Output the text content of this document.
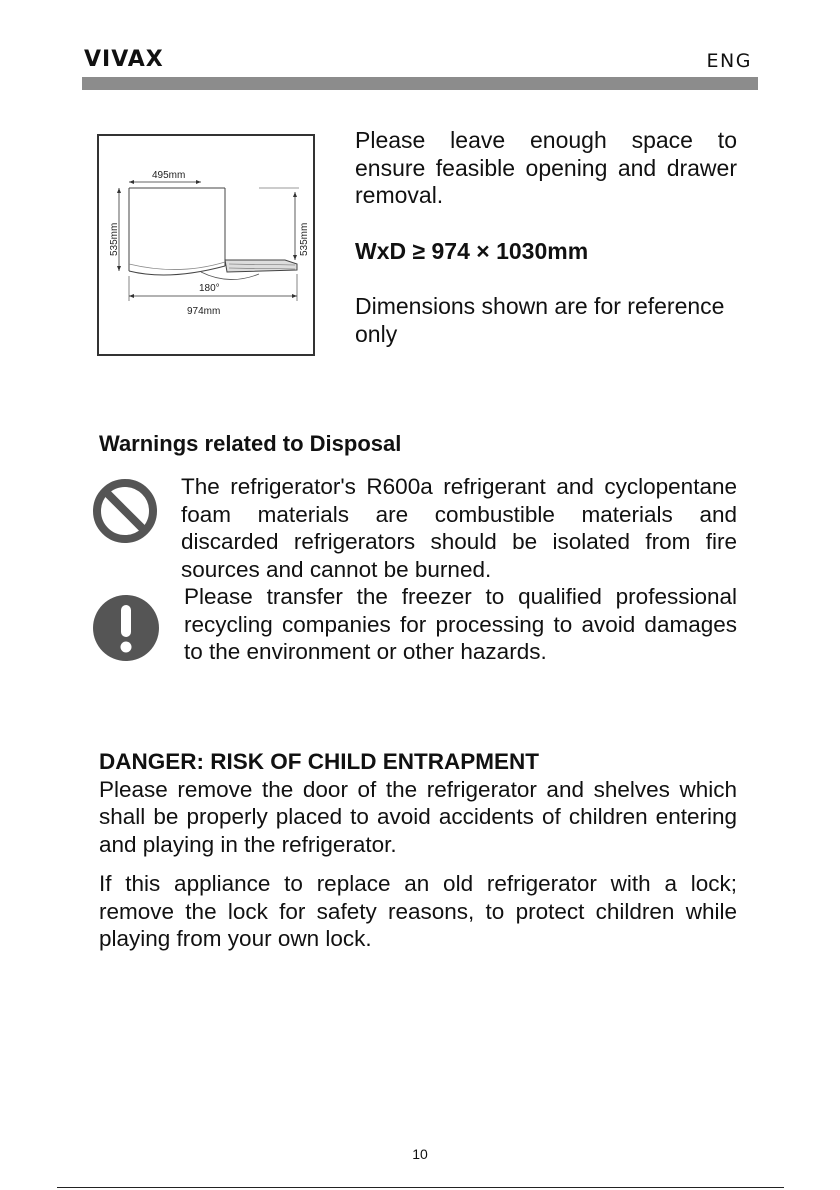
VIVAX	ENG
495mm
535mm	535mm
180°
974mm

Please leave enough space to ensure feasible opening and drawer removal.

WxD ≥ 974 × 1030mm

Dimensions shown are for reference only

Warnings related to Disposal
The refrigerator's R600a refrigerant and cyclopentane foam materials are combustible materials and discarded refrigerators should be isolated from fire sources and cannot be burned.
Please transfer the freezer to qualified professional recycling companies for processing to avoid damages to the environment or other hazards.
DANGER: RISK OF CHILD ENTRAPMENT

Please remove the door of the refrigerator and shelves which shall be properly placed to avoid accidents of children entering and playing in the refrigerator.

If this appliance to replace an old refrigerator with a lock; remove the lock for safety reasons, to protect children while playing from your own lock.

10
